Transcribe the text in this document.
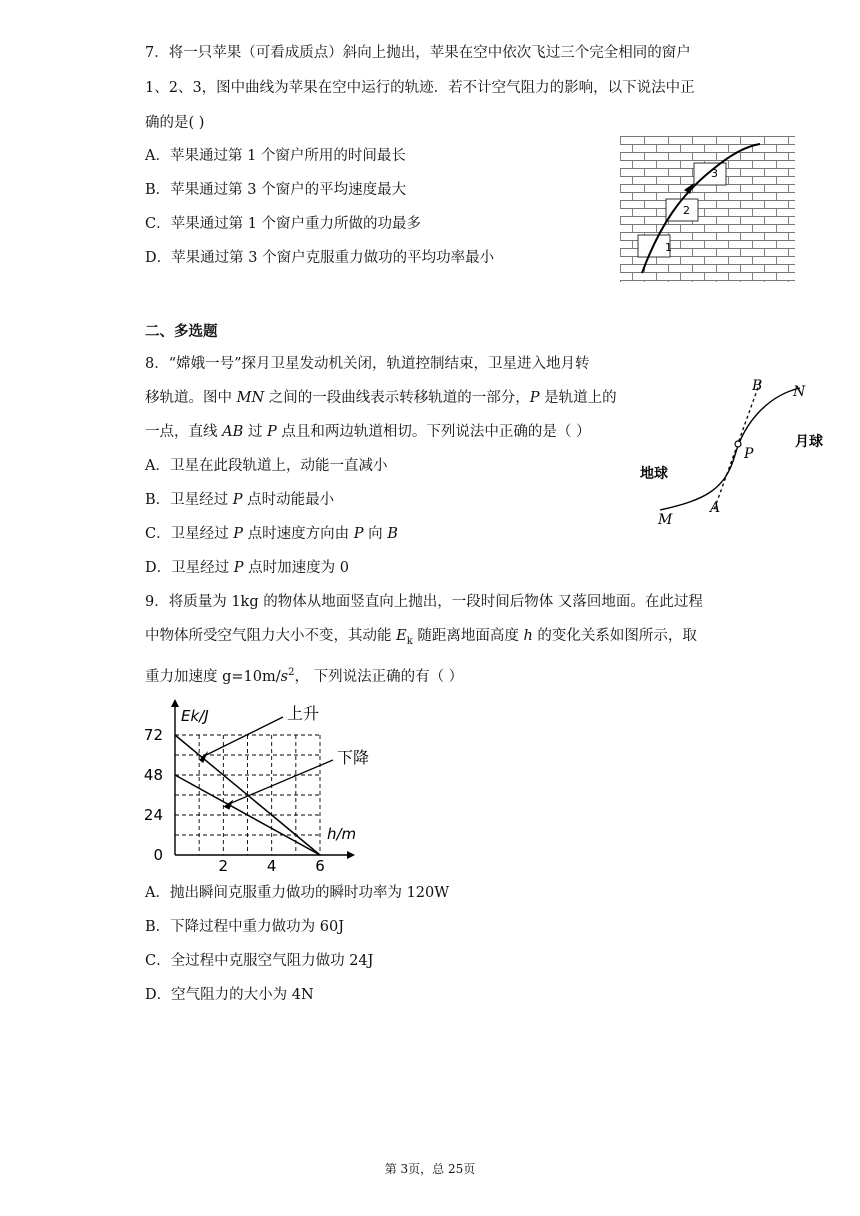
7．将一只苹果（可看成质点）斜向上抛出，苹果在空中依次飞过三个完全相同的窗户
1、2、3，图中曲线为苹果在空中运行的轨迹．若不计空气阻力的影响，以下说法中正
确的是( )
A．苹果通过第 1 个窗户所用的时间最长
B．苹果通过第 3 个窗户的平均速度最大
C．苹果通过第 1 个窗户重力所做的功最多
D．苹果通过第 3 个窗户克服重力做功的平均功率最小
1
2
3
二、多选题
8．“嫦娥一号”探月卫星发动机关闭，轨道控制结束，卫星进入地月转
移轨道。图中 MN 之间的一段曲线表示转移轨道的一部分，P 是轨道上的
一点，直线 AB 过 P 点且和两边轨道相切。下列说法中正确的是（ ）
A．卫星在此段轨道上，动能一直减小
B．卫星经过 P 点时动能最小
C．卫星经过 P 点时速度方向由 P 向 B
D．卫星经过 P 点时加速度为 0
B N
月球
P
地球
M
A
9．将质量为 1kg 的物体从地面竖直向上抛出，一段时间后物体 又落回地面。在此过程
中物体所受空气阻力大小不变，其动能 $E_k$ 随距离地面高度 h 的变化关系如图所示，取
重力加速度 $g=10m/s^2$， 下列说法正确的有（ ）
72
48
24
0
2	4	6
Ek/J
h/m
上升
下降
A．抛出瞬间克服重力做功的瞬时功率为 120W
B．下降过程中重力做功为 60J
C．全过程中克服空气阻力做功 24J
D．空气阻力的大小为 4N
第 3页，总 25页
